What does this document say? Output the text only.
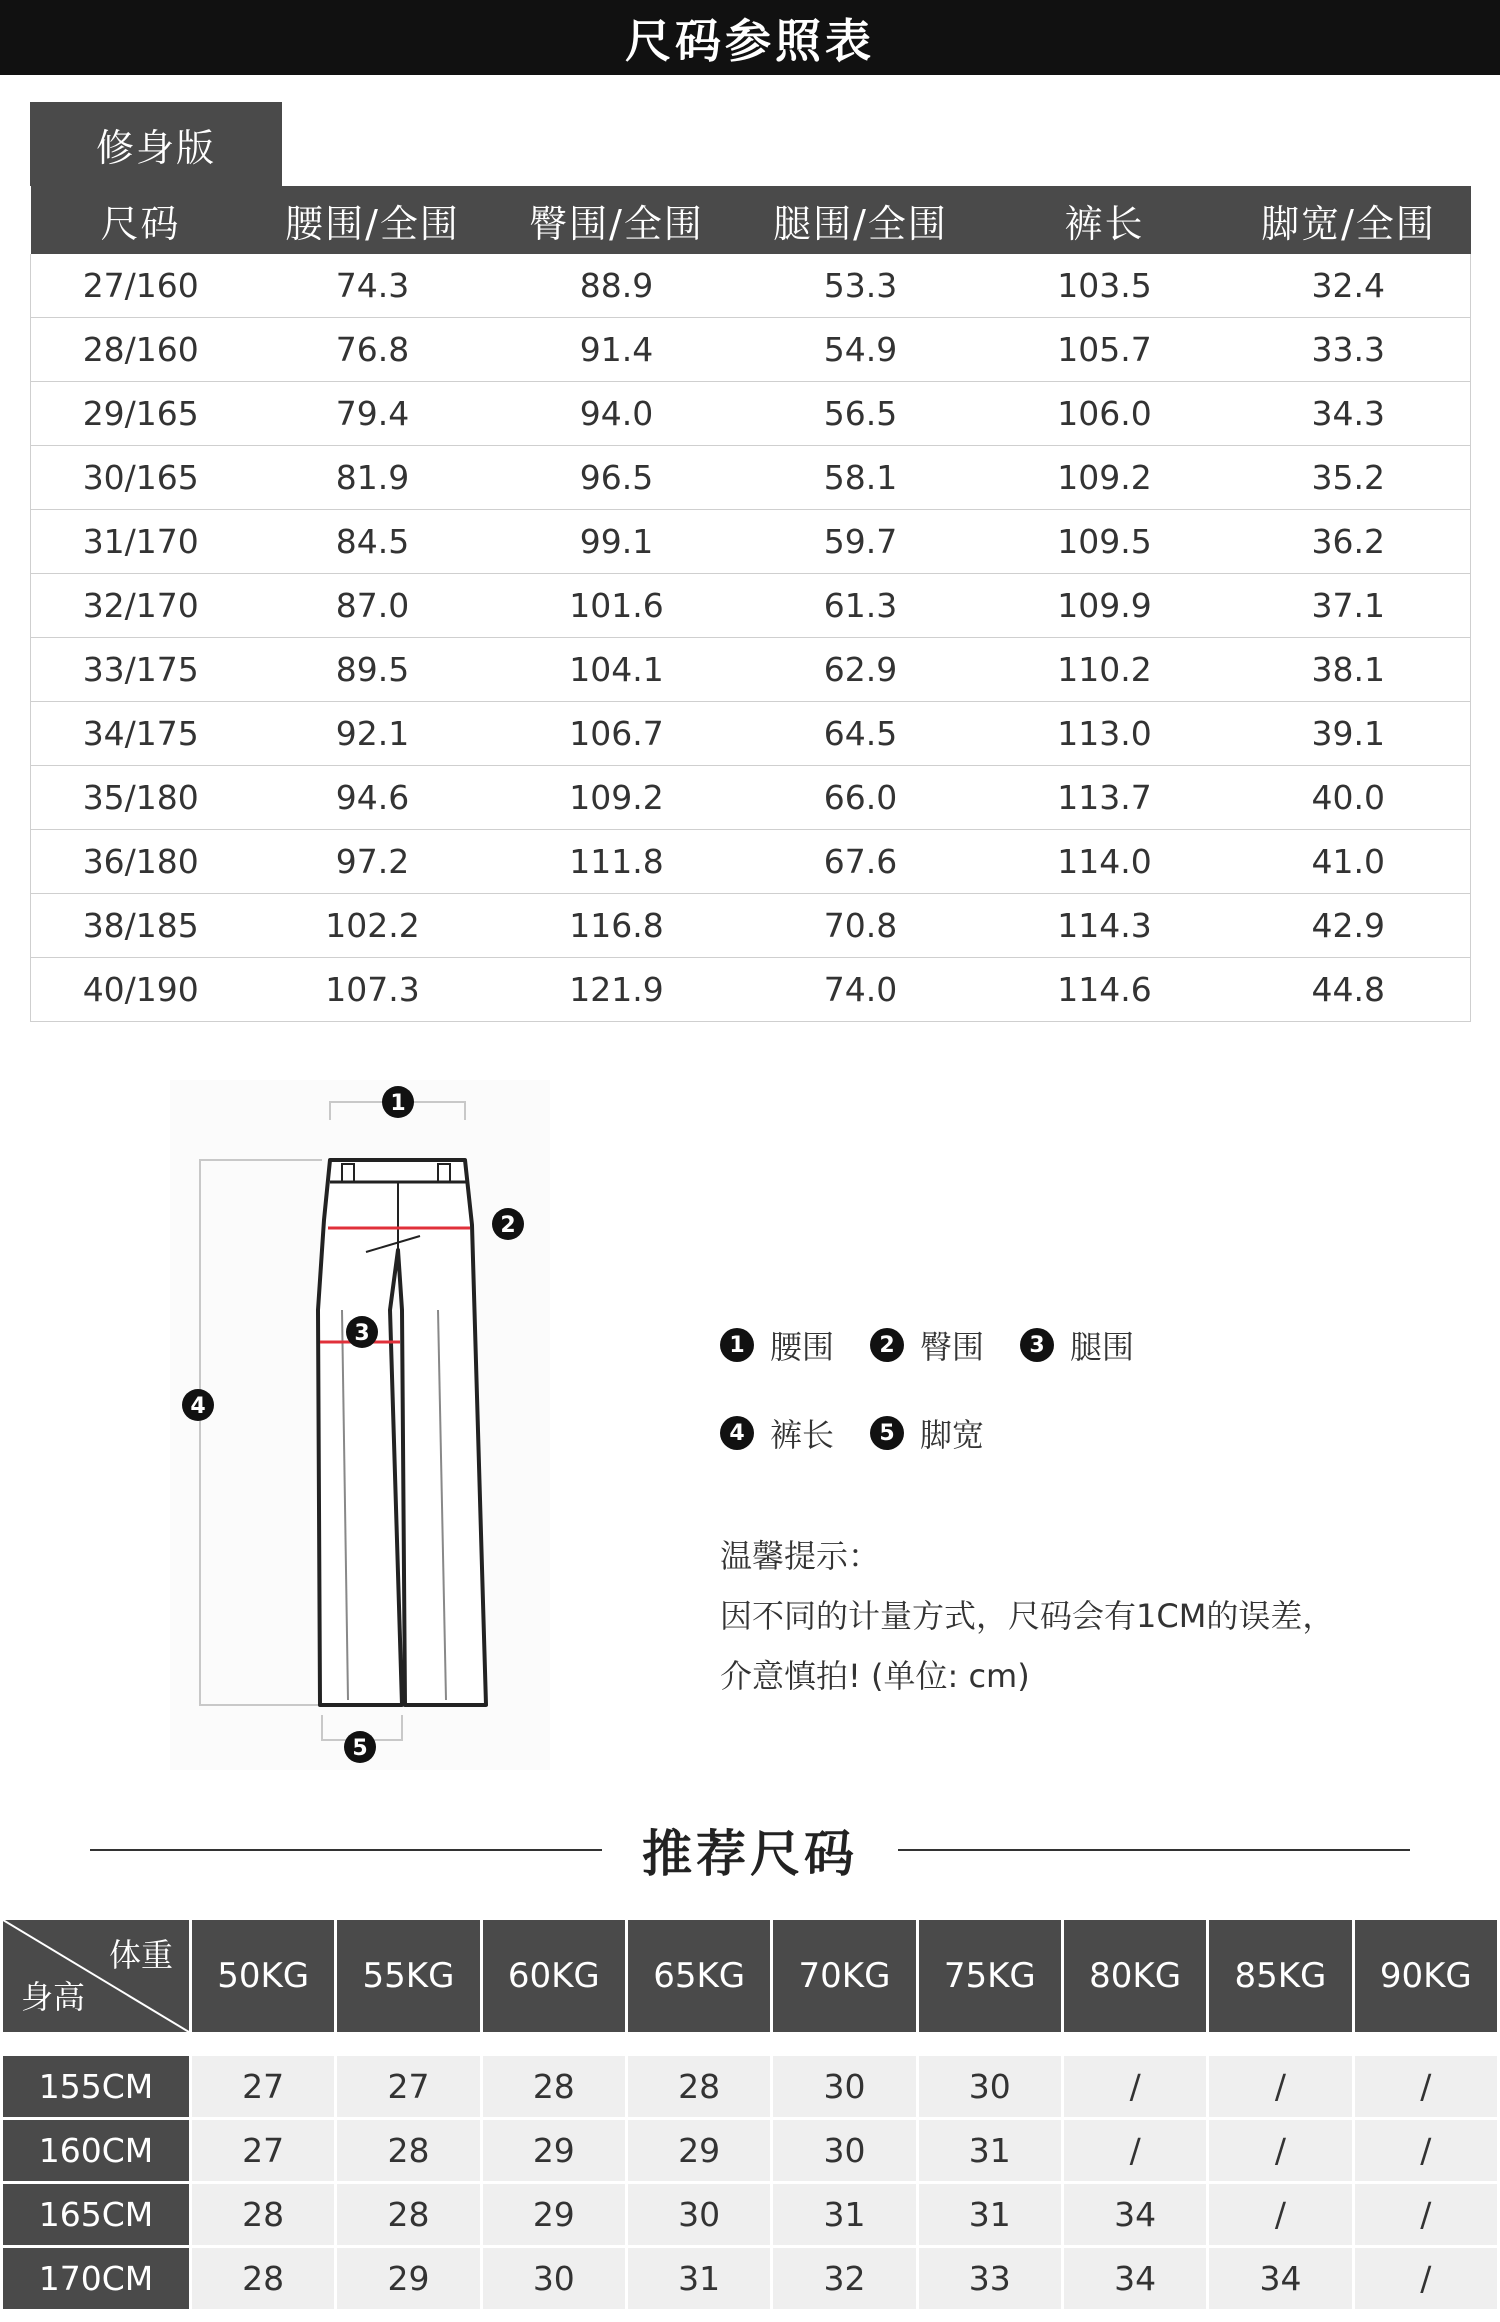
尺码参照表
修身版
尺码	腰围/全围	臀围/全围	腿围/全围	裤长	脚宽/全围
27/160	74.3	88.9	53.3	103.5	32.4
28/160	76.8	91.4	54.9	105.7	33.3
29/165	79.4	94.0	56.5	106.0	34.3
30/165	81.9	96.5	58.1	109.2	35.2
31/170	84.5	99.1	59.7	109.5	36.2
32/170	87.0	101.6	61.3	109.9	37.1
33/175	89.5	104.1	62.9	110.2	38.1
34/175	92.1	106.7	64.5	113.0	39.1
35/180	94.6	109.2	66.0	113.7	40.0
36/180	97.2	111.8	67.6	114.0	41.0
38/185	102.2	116.8	70.8	114.3	42.9
40/190	107.3	121.9	74.0	114.6	44.8
1
2
3
4
5
1 腰围	2 臀围	3 腿围
4 裤长	5 脚宽
温馨提示：
因不同的计量方式，尺码会有1CM的误差，
介意慎拍! (单位: cm)
推荐尺码
体重
身高	50KG	55KG	60KG	65KG	70KG	75KG	80KG	85KG	90KG

155CM	27	27	28	28	30	30	/	/	/
160CM	27	28	29	29	30	31	/	/	/
165CM	28	28	29	30	31	31	34	/	/
170CM	28	29	30	31	32	33	34	34	/
